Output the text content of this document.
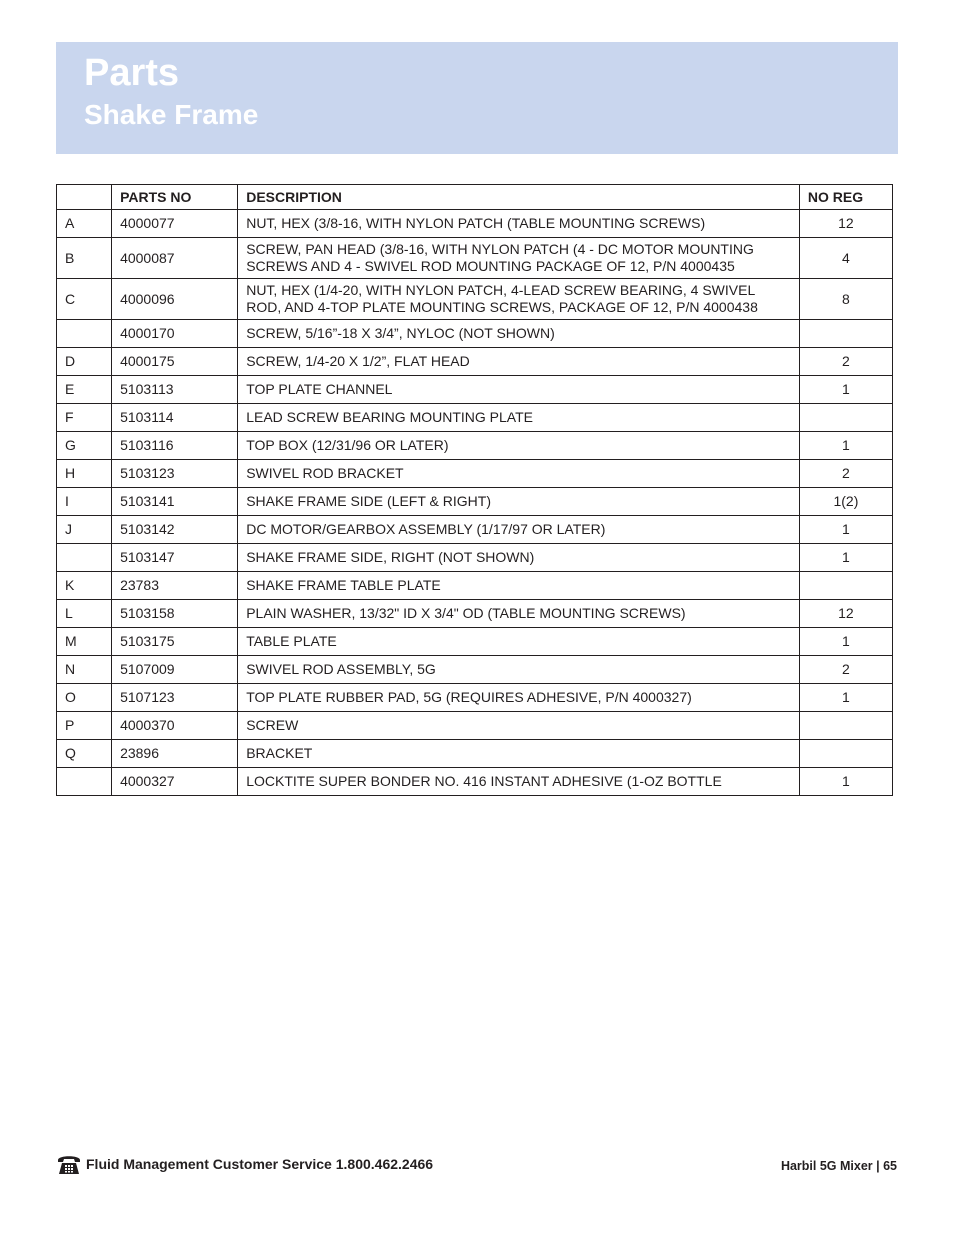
Parts
Shake Frame
	PARTS NO	DESCRIPTION	NO REG
A	4000077	NUT, HEX (3/8-16, WITH NYLON PATCH (TABLE MOUNTING SCREWS)	12
B	4000087	SCREW, PAN HEAD (3/8-16, WITH NYLON PATCH (4 - DC MOTOR MOUNTING SCREWS AND 4 - SWIVEL ROD MOUNTING PACKAGE OF 12, P/N 4000435	4
C	4000096	NUT, HEX (1/4-20, WITH NYLON PATCH, 4-LEAD SCREW BEARING, 4 SWIVEL ROD, AND 4-TOP PLATE MOUNTING SCREWS, PACKAGE OF 12, P/N 4000438	8
	4000170	SCREW, 5/16”-18 X 3/4”, NYLOC (NOT SHOWN)	
D	4000175	SCREW, 1/4-20 X 1/2”, FLAT HEAD	2
E	5103113	TOP PLATE CHANNEL	1
F	5103114	LEAD SCREW BEARING MOUNTING PLATE	
G	5103116	TOP BOX (12/31/96 OR LATER)	1
H	5103123	SWIVEL ROD BRACKET	2
I	5103141	SHAKE FRAME SIDE (LEFT & RIGHT)	1(2)
J	5103142	DC MOTOR/GEARBOX ASSEMBLY (1/17/97 OR LATER)	1
	5103147	SHAKE FRAME SIDE, RIGHT (NOT SHOWN)	1
K	23783	SHAKE FRAME TABLE PLATE	
L	5103158	PLAIN WASHER, 13/32" ID X 3/4" OD (TABLE MOUNTING SCREWS)	12
M	5103175	TABLE PLATE	1
N	5107009	SWIVEL ROD ASSEMBLY, 5G	2
O	5107123	TOP PLATE RUBBER PAD, 5G (REQUIRES ADHESIVE, P/N 4000327)	1
P	4000370	SCREW	
Q	23896	BRACKET	
	4000327	LOCKTITE SUPER BONDER NO. 416 INSTANT ADHESIVE (1-OZ BOTTLE	1
Fluid Management Customer Service 1.800.462.2466	Harbil 5G Mixer | 65
